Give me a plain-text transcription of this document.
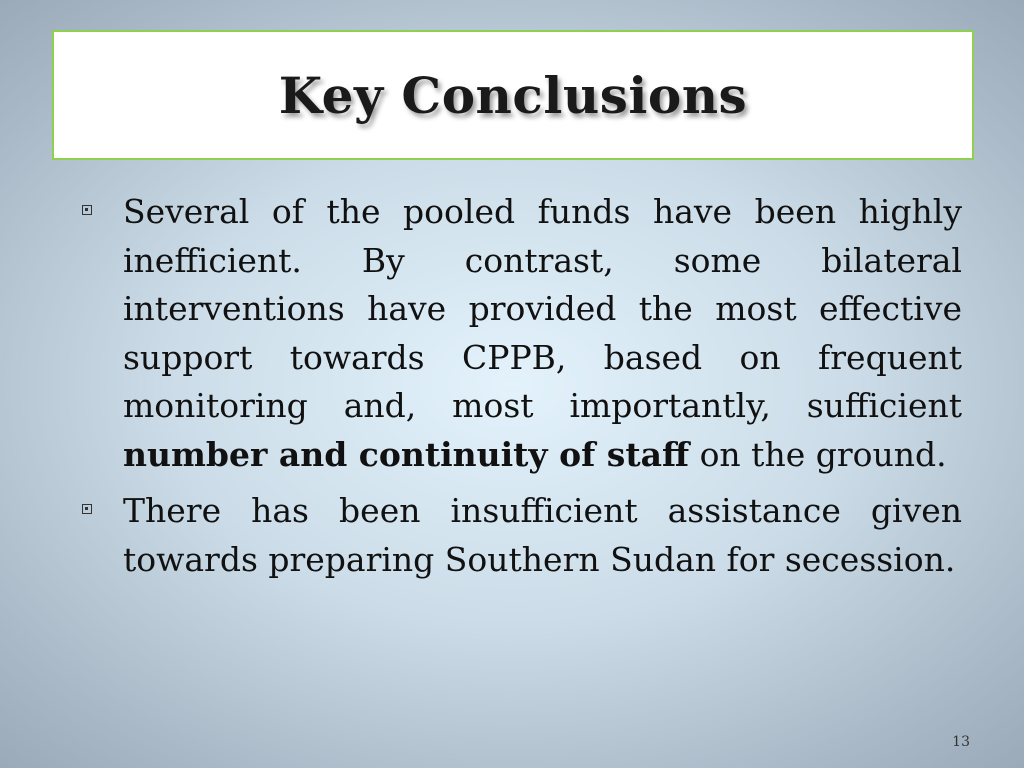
Key Conclusions
Several of the pooled funds have been highly inefficient. By contrast, some bilateral interventions have provided the most effective support towards CPPB, based on frequent monitoring and, most importantly, sufficient number and continuity of staff on the ground.
There has been insufficient assistance given towards preparing Southern Sudan for secession.
13
